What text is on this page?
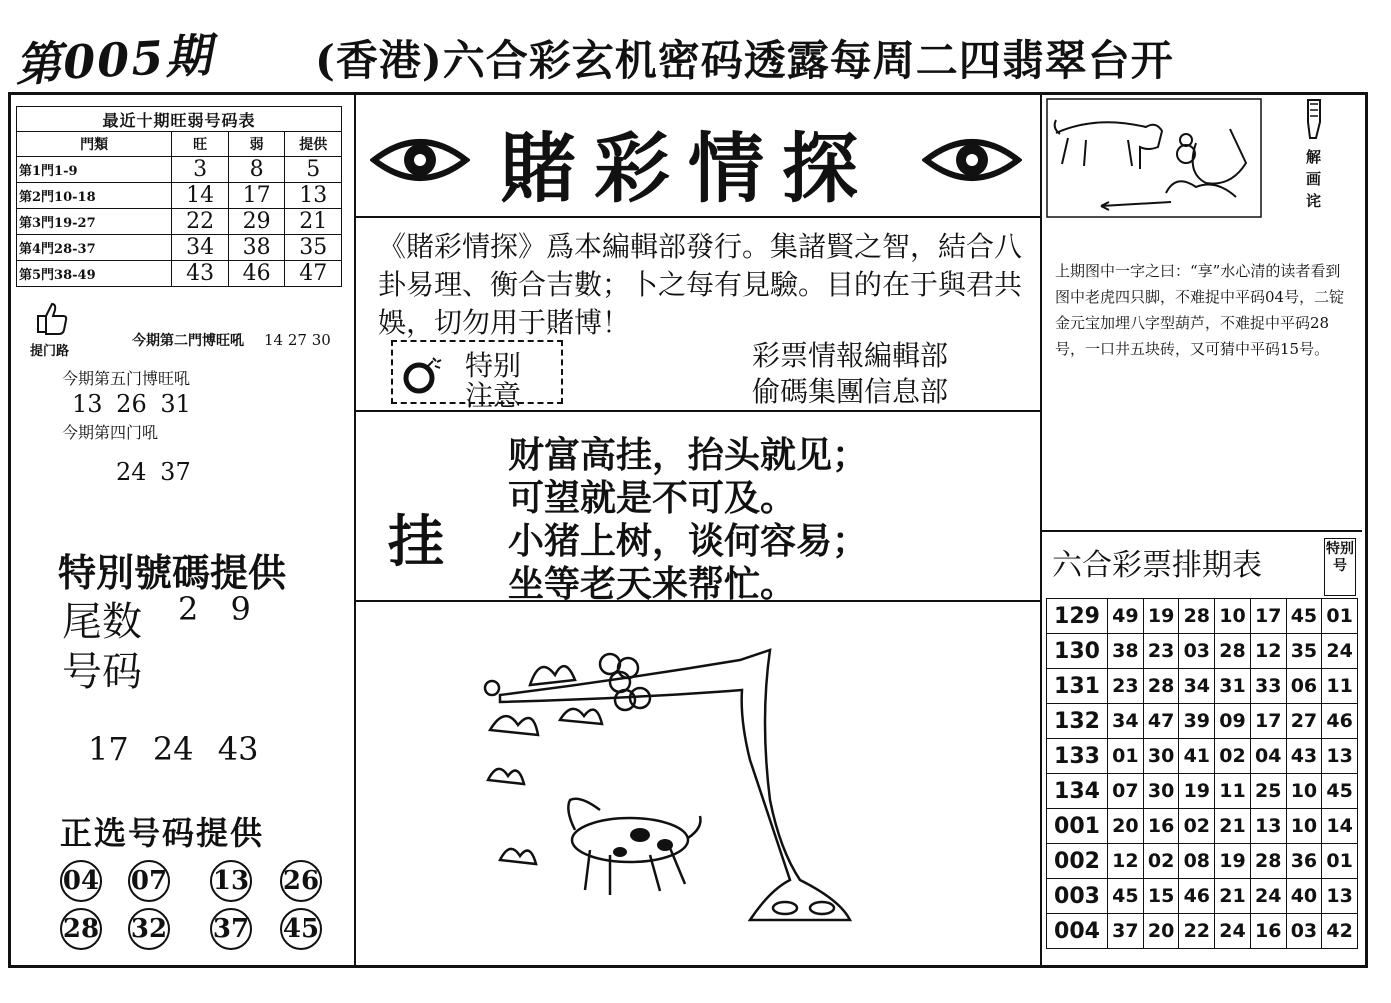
第005期 (香港)六合彩玄机密码透露每周二四翡翠台开
最近十期旺弱号码表			
門類	旺	弱	提供
第1門1-9	3	8	5
第2門10-18	14	17	13
第3門19-27	22	29	21
第4門28-37	34	38	35
第5門38-49	43	46	47
提门路
今期第二門博旺吼 14 27 30
今期第五门博旺吼
13 26 31
今期第四门吼
24 37
特別號碼提供
尾数 2 9
号码
17 24 43
正选号码提供
04 07 13 26
28 32 37 45
賭彩情探
《賭彩情探》爲本編輯部發行。集諸賢之智，結合八卦易理、衡合吉數；卜之每有見驗。目的在于與君共娛，切勿用于賭博！
特别
注意
彩票情報編輯部
偷碼集團信息部
挂
财富高挂，抬头就见；
可望就是不可及。
小猪上树，谈何容易；
坐等老天来帮忙。
解画诧
上期图中一字之曰：“享”水心清的读者看到图中老虎四只脚，不难捉中平码04号，二锭金元宝加埋八字型葫芦，不难捉中平码28号，一口井五块砖，又可猜中平码15号。
六合彩票排期表	特别号
129	49	19	28	10	17	45	01
130	38	23	03	28	12	35	24
131	23	28	34	31	33	06	11
132	34	47	39	09	17	27	46
133	01	30	41	02	04	43	13
134	07	30	19	11	25	10	45
001	20	16	02	21	13	10	14
002	12	02	08	19	28	36	01
003	45	15	46	21	24	40	13
004	37	20	22	24	16	03	42
